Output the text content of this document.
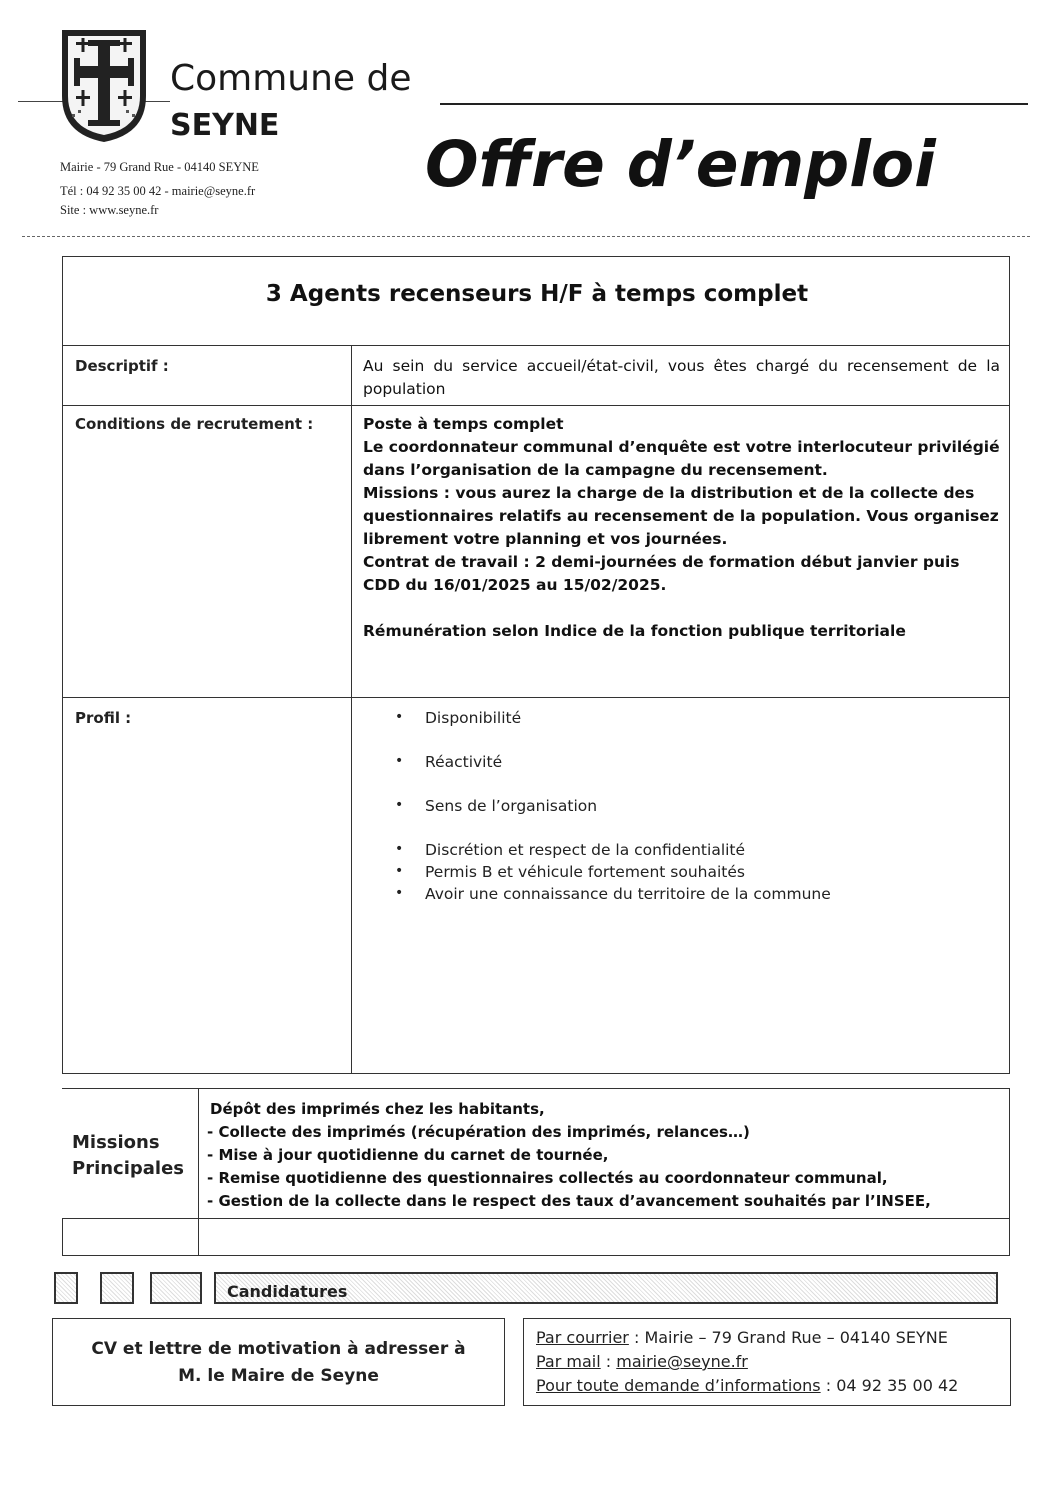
Commune de
SEYNE
Mairie - 79 Grand Rue - 04140 SEYNE
Tél : 04 92 35 00 42 - mairie@seyne.fr
Site : www.seyne.fr
Offre d’emploi
3 Agents recenseurs H/F à temps complet
Descriptif :	Au sein du service accueil/état-civil, vous êtes chargé du recensement de la population
Conditions de recrutement :	Poste à temps complet
Le coordonnateur communal d’enquête est votre interlocuteur privilégié dans l’organisation de la campagne du recensement.
Missions : vous aurez la charge de la distribution et de la collecte des questionnaires relatifs au recensement de la population. Vous organisez librement votre planning et vos journées.
Contrat de travail : 2 demi-journées de formation début janvier puis CDD du 16/01/2025 au 15/02/2025.
Rémunération selon Indice de la fonction publique territoriale
Profil :
•	Disponibilité
• Réactivité
• Sens de l’organisation
• Discrétion et respect de la confidentialité
• Permis B et véhicule fortement souhaités
• Avoir une connaissance du territoire de la commune
Missions
Principales
Dépôt des imprimés chez les habitants,
- Collecte des imprimés (récupération des imprimés, relances…)
- Mise à jour quotidienne du carnet de tournée,
- Remise quotidienne des questionnaires collectés au coordonnateur communal,
- Gestion de la collecte dans le respect des taux d’avancement souhaités par l’INSEE,
Candidatures
CV et lettre de motivation à adresser à
M. le Maire de Seyne
Par courrier : Mairie – 79 Grand Rue – 04140 SEYNE
Par mail : mairie@seyne.fr
Pour toute demande d’informations : 04 92 35 00 42
